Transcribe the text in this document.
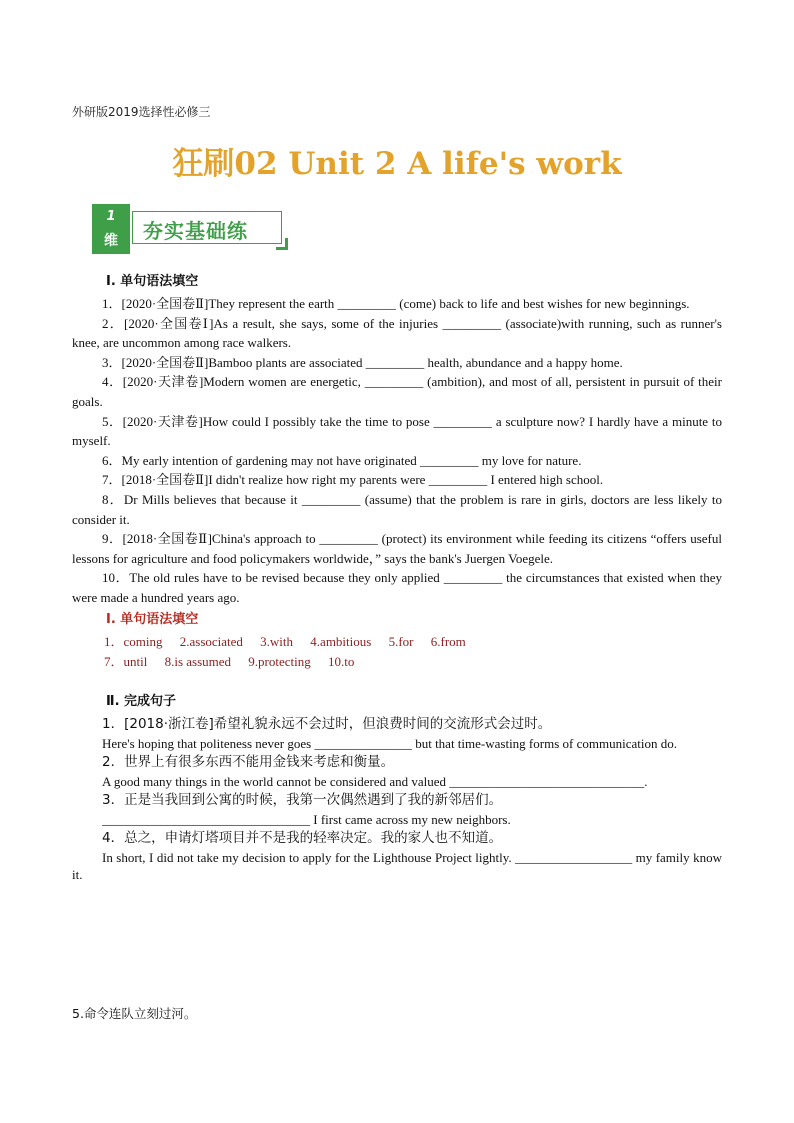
外研版2019选择性必修三
狂刷02 Unit 2 A life's work
1
维	夯实基础练
Ⅰ. 单句语法填空
1．[2020·全国卷Ⅱ]They represent the earth _________ (come) back to life and best wishes for new beginnings.
2．[2020·全国卷Ⅰ]As a result, she says, some of the injuries _________ (associate)with running, such as runner's knee, are uncommon among race walkers.
3．[2020·全国卷Ⅱ]Bamboo plants are associated _________ health, abundance and a happy home.
4．[2020·天津卷]Modern women are energetic, _________ (ambition), and most of all, persistent in pursuit of their goals.
5．[2020·天津卷]How could I possibly take the time to pose _________ a sculpture now? I hardly have a minute to myself.
6．My early intention of gardening may not have originated _________ my love for nature.
7．[2018·全国卷Ⅱ]I didn't realize how right my parents were _________ I entered high school.
8．Dr Mills believes that because it _________ (assume) that the problem is rare in girls, doctors are less likely to consider it.
9．[2018·全国卷Ⅱ]China's approach to _________ (protect) its environment while feeding its citizens “offers useful lessons for agriculture and food policymakers worldwide，” says the bank's Juergen Voegele.
10．The old rules have to be revised because they only applied _________ the circumstances that existed when they were made a hundred years ago.
Ⅰ. 单句语法填空
1．coming 2.associated 3.with 4.ambitious 5.for 6.from
7．until 8.is assumed 9.protecting 10.to
Ⅱ. 完成句子
1．[2018·浙江卷]希望礼貌永远不会过时，但浪费时间的交流形式会过时。
Here's hoping that politeness never goes _______________ but that time-wasting forms of communication do.
2．世界上有很多东西不能用金钱来考虑和衡量。
A good many things in the world cannot be considered and valued ______________________________.
3．正是当我回到公寓的时候，我第一次偶然遇到了我的新邻居们。
________________________________ I first came across my new neighbors.
4．总之，申请灯塔项目并不是我的轻率决定。我的家人也不知道。
In short, I did not take my decision to apply for the Lighthouse Project lightly. __________________ my family know it.
5.命令连队立刻过河。
